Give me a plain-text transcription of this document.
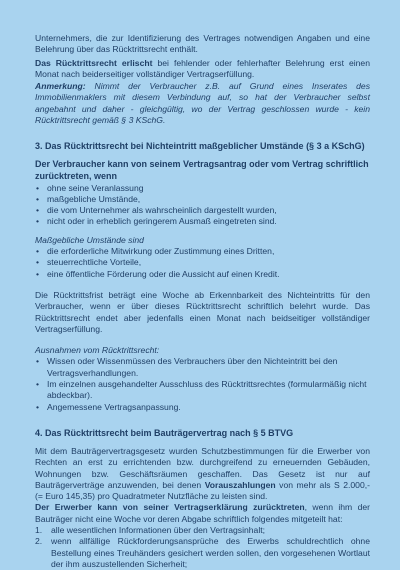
Unternehmers, die zur Identifizierung des Vertrages notwendigen Angaben und eine Belehrung über das Rücktrittsrecht enthält.

Das Rücktrittsrecht erlischt bei fehlender oder fehlerhafter Belehrung erst einen Monat nach beiderseitiger vollständiger Vertragserfüllung.

Anmerkung: Nimmt der Verbraucher z.B. auf Grund eines Inserates des Immobilienmaklers mit diesem Verbindung auf, so hat der Verbraucher selbst angebahnt und daher - gleichgültig, wo der Vertrag geschlossen wurde - kein Rücktrittsrecht gemäß § 3 KSchG.

3. Das Rücktrittsrecht bei Nichteintritt maßgeblicher Umstände (§ 3 a KSchG)

Der Verbraucher kann von seinem Vertragsantrag oder vom Vertrag schriftlich zurücktreten, wenn

• ohne seine Veranlassung
• maßgebliche Umstände,
• die vom Unternehmer als wahrscheinlich dargestellt wurden,
• nicht oder in erheblich geringerem Ausmaß eingetreten sind.

Maßgebliche Umstände sind

• die erforderliche Mitwirkung oder Zustimmung eines Dritten,
• steuerrechtliche Vorteile,
• eine öffentliche Förderung oder die Aussicht auf einen Kredit.

Die Rücktrittsfrist beträgt eine Woche ab Erkennbarkeit des Nichteintritts für den Verbraucher, wenn er über dieses Rücktrittsrecht schriftlich belehrt wurde. Das Rücktrittsrecht endet aber jedenfalls einen Monat nach beidseitiger vollständiger Vertragserfüllung.

Ausnahmen vom Rücktrittsrecht:

• Wissen oder Wissenmüssen des Verbrauchers über den Nichteintritt bei den Vertragsverhandlungen.
• Im einzelnen ausgehandelter Ausschluss des Rücktrittsrechtes (formularmäßig nicht abdeckbar).
• Angemessene Vertragsanpassung.

4. Das Rücktrittsrecht beim Bauträgervertrag nach § 5 BTVG

Mit dem Bauträgervertragsgesetz wurden Schutzbestimmungen für die Erwerber von Rechten an erst zu errichtenden bzw. durchgreifend zu erneuernden Gebäuden, Wohnungen bzw. Geschäftsräumen geschaffen. Das Gesetz ist nur auf Bauträgerverträge anzuwenden, bei denen Vorauszahlungen von mehr als S 2.000,- (= Euro 145,35) pro Quadratmeter Nutzfläche zu leisten sind.

Der Erwerber kann von seiner Vertragserklärung zurücktreten, wenn ihm der Bauträger nicht eine Woche vor deren Abgabe schriftlich folgendes mitgeteilt hat:

1. alle wesentlichen Informationen über den Vertragsinhalt;
2. wenn allfällige Rückforderungsansprüche des Erwerbs schuldrechtlich ohne Bestellung eines Treuhänders gesichert werden sollen, den vorgesehenen Wortlaut der ihm auszustellenden Sicherheit;
